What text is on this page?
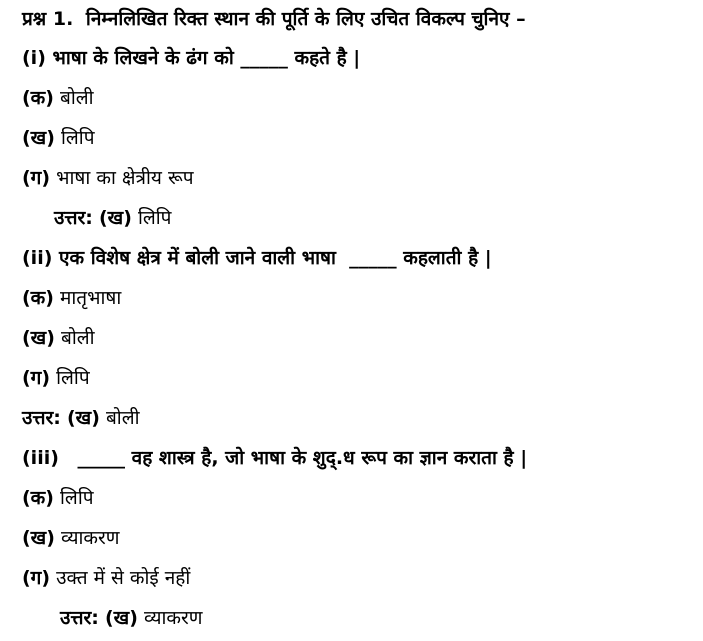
प्रश्न 1. निम्नलिखित रिक्त स्थान की पूर्ति के लिए उचित विकल्प चुनिए –
(i) भाषा के लिखने के ढंग को _____ कहते है |
(क) बोली
(ख) लिपि
(ग) भाषा का क्षेत्रीय रूप
उत्तर: (ख) लिपि
(ii) एक विशेष क्षेत्र में बोली जाने वाली भाषा  _____ कहलाती है |
(क) मातृभाषा
(ख) बोली
(ग) लिपि
उत्तर: (ख) बोली
(iii) _____ वह शास्त्र है, जो भाषा के शुद्.ध रूप का ज्ञान कराता है |
(क) लिपि
(ख) व्याकरण
(ग) उक्त में से कोई नहीं
उत्तर: (ख) व्याकरण
